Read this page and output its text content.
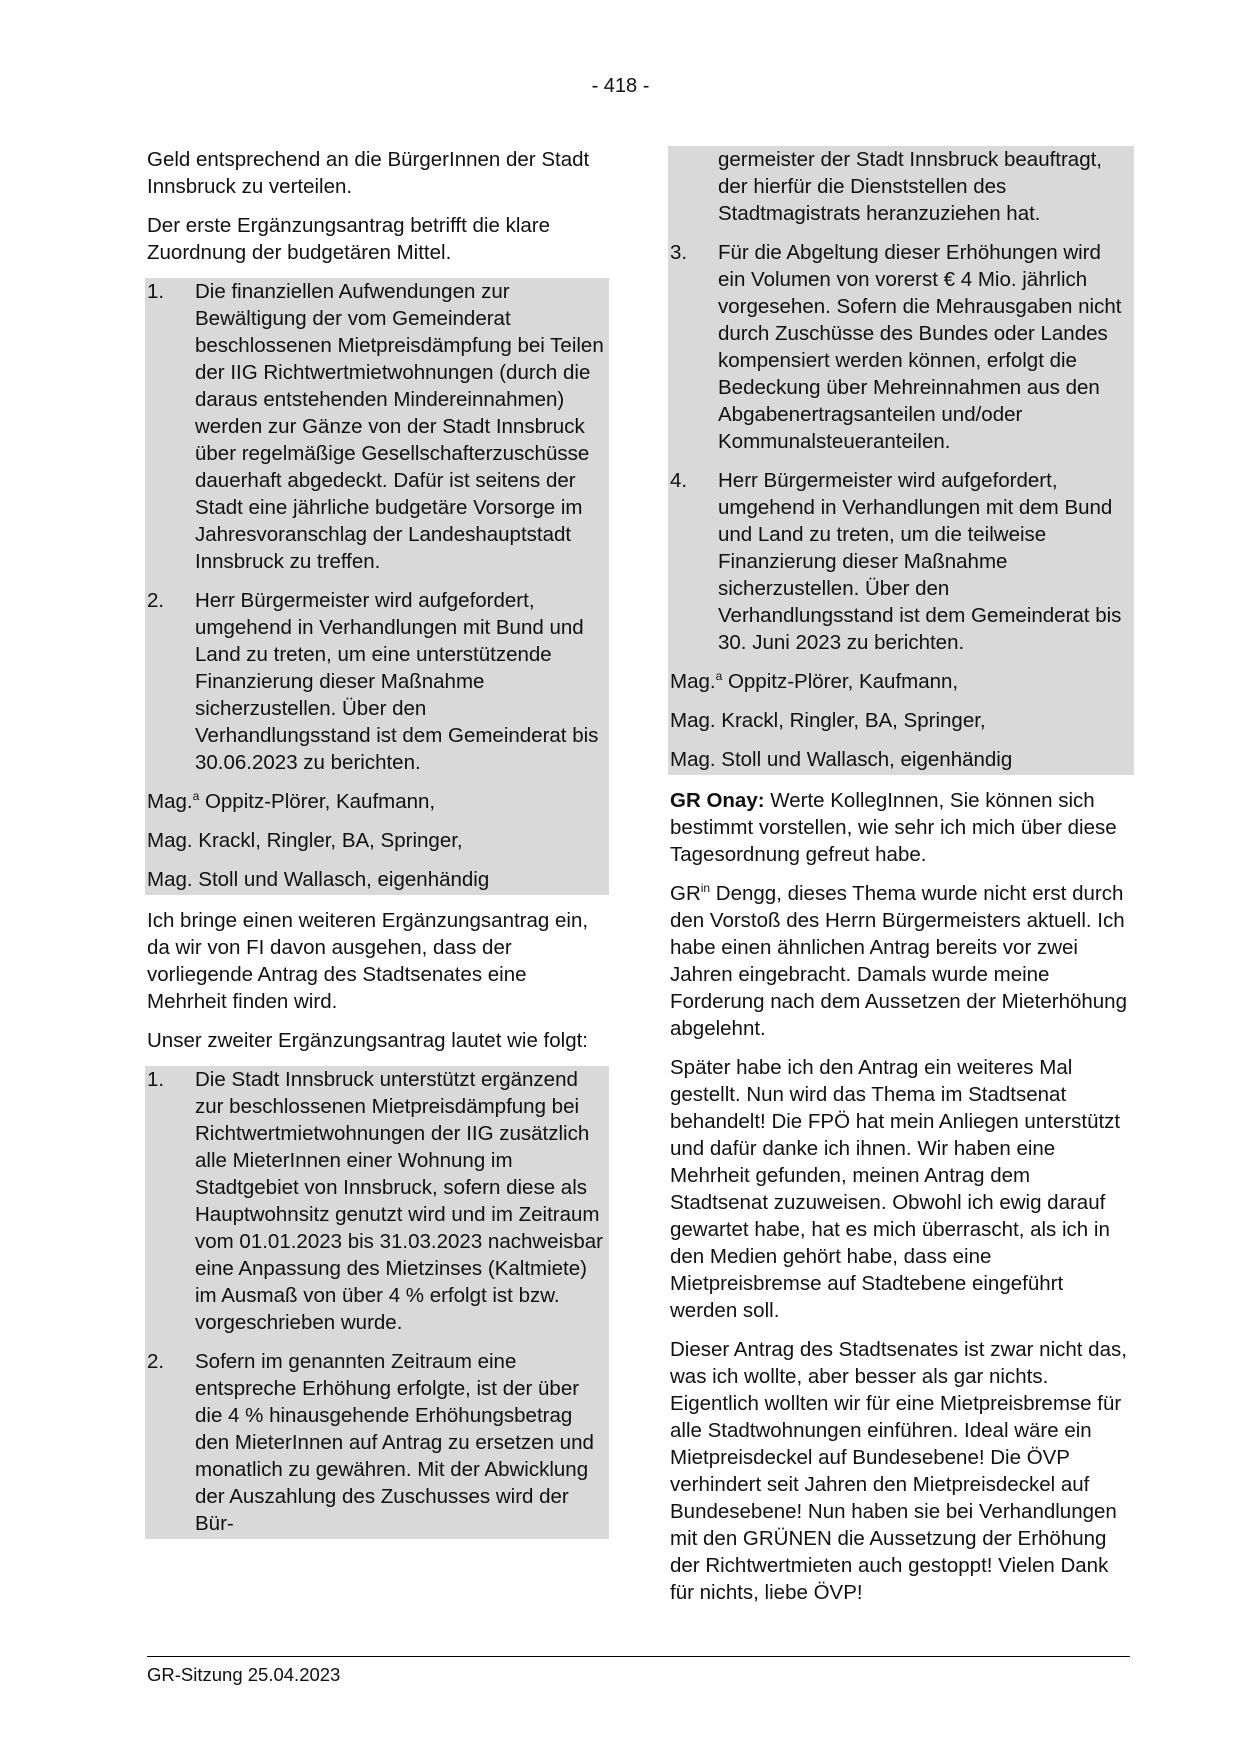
- 418 -

Geld entsprechend an die BürgerInnen der Stadt Innsbruck zu verteilen.

Der erste Ergänzungsantrag betrifft die klare Zuordnung der budgetären Mittel.

1.	Die finanziellen Aufwendungen zur Bewältigung der vom Gemeinderat beschlossenen Mietpreisdämpfung bei Teilen der IIG Richtwertmietwohnungen (durch die daraus entstehenden Mindereinnahmen) werden zur Gänze von der Stadt Innsbruck über regelmäßige Gesellschafterzuschüsse dauerhaft abgedeckt. Dafür ist seitens der Stadt eine jährliche budgetäre Vorsorge im Jahresvoranschlag der Landeshauptstadt Innsbruck zu treffen.
2.	Herr Bürgermeister wird aufgefordert, umgehend in Verhandlungen mit Bund und Land zu treten, um eine unterstützende Finanzierung dieser Maßnahme sicherzustellen. Über den Verhandlungsstand ist dem Gemeinderat bis 30.06.2023 zu berichten.

Mag.$^a$ Oppitz-Plörer, Kaufmann,

Mag. Krackl, Ringler, BA, Springer,

Mag. Stoll und Wallasch, eigenhändig

Ich bringe einen weiteren Ergänzungsantrag ein, da wir von FI davon ausgehen, dass der vorliegende Antrag des Stadtsenates eine Mehrheit finden wird.

Unser zweiter Ergänzungsantrag lautet wie folgt:

1.	Die Stadt Innsbruck unterstützt ergänzend zur beschlossenen Mietpreisdämpfung bei Richtwertmietwohnungen der IIG zusätzlich alle MieterInnen einer Wohnung im Stadtgebiet von Innsbruck, sofern diese als Hauptwohnsitz genutzt wird und im Zeitraum vom 01.01.2023 bis 31.03.2023 nachweisbar eine Anpassung des Mietzinses (Kaltmiete) im Ausmaß von über 4 % erfolgt ist bzw. vorgeschrieben wurde.
2.	Sofern im genannten Zeitraum eine entspreche Erhöhung erfolgte, ist der über die 4 % hinausgehende Erhöhungsbetrag den MieterInnen auf Antrag zu ersetzen und monatlich zu gewähren. Mit der Abwicklung der Auszahlung des Zuschusses wird der Bür-

germeister der Stadt Innsbruck beauftragt, der hierfür die Dienststellen des Stadtmagistrats heranzuziehen hat.

3.	Für die Abgeltung dieser Erhöhungen wird ein Volumen von vorerst € 4 Mio. jährlich vorgesehen. Sofern die Mehrausgaben nicht durch Zuschüsse des Bundes oder Landes kompensiert werden können, erfolgt die Bedeckung über Mehreinnahmen aus den Abgabenertragsanteilen und/oder Kommunalsteueranteilen.
4.	Herr Bürgermeister wird aufgefordert, umgehend in Verhandlungen mit dem Bund und Land zu treten, um die teilweise Finanzierung dieser Maßnahme sicherzustellen. Über den Verhandlungsstand ist dem Gemeinderat bis 30. Juni 2023 zu berichten.

Mag.$^a$ Oppitz-Plörer, Kaufmann,

Mag. Krackl, Ringler, BA, Springer,

Mag. Stoll und Wallasch, eigenhändig

GR Onay: Werte KollegInnen, Sie können sich bestimmt vorstellen, wie sehr ich mich über diese Tagesordnung gefreut habe.

$GR^{in}$ Dengg, dieses Thema wurde nicht erst durch den Vorstoß des Herrn Bürgermeisters aktuell. Ich habe einen ähnlichen Antrag bereits vor zwei Jahren eingebracht. Damals wurde meine Forderung nach dem Aussetzen der Mieterhöhung abgelehnt.

Später habe ich den Antrag ein weiteres Mal gestellt. Nun wird das Thema im Stadtsenat behandelt! Die FPÖ hat mein Anliegen unterstützt und dafür danke ich ihnen. Wir haben eine Mehrheit gefunden, meinen Antrag dem Stadtsenat zuzuweisen. Obwohl ich ewig darauf gewartet habe, hat es mich überrascht, als ich in den Medien gehört habe, dass eine Mietpreisbremse auf Stadtebene eingeführt werden soll.

Dieser Antrag des Stadtsenates ist zwar nicht das, was ich wollte, aber besser als gar nichts. Eigentlich wollten wir für eine Mietpreisbremse für alle Stadtwohnungen einführen. Ideal wäre ein Mietpreisdeckel auf Bundesebene! Die ÖVP verhindert seit Jahren den Mietpreisdeckel auf Bundesebene! Nun haben sie bei Verhandlungen mit den GRÜNEN die Aussetzung der Erhöhung der Richtwertmieten auch gestoppt! Vielen Dank für nichts, liebe ÖVP!

GR-Sitzung 25.04.2023
